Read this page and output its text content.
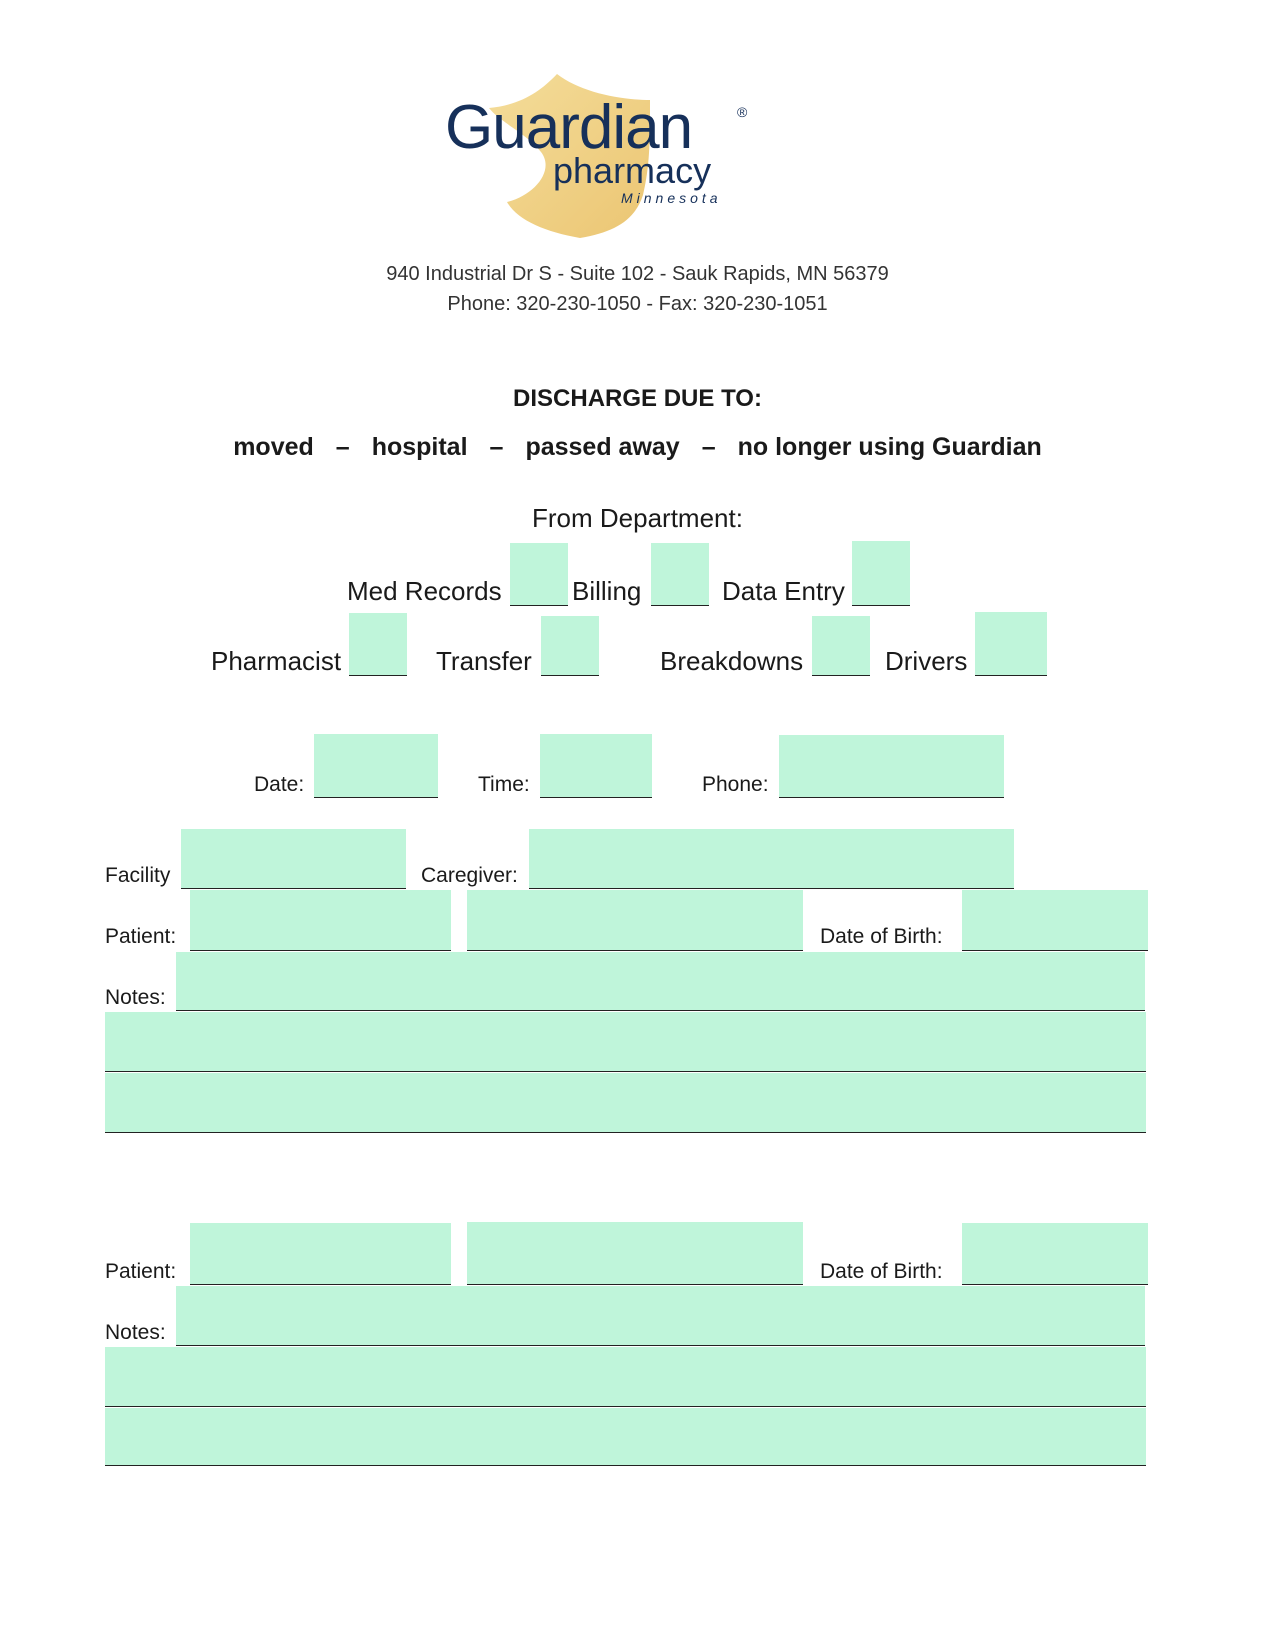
Guardian	®
pharmacy
Minnesota
940 Industrial Dr S - Suite 102 - Sauk Rapids, MN 56379
Phone: 320-230-1050 - Fax: 320-230-1051
DISCHARGE DUE TO:
moved – hospital – passed away – no longer using Guardian
From Department:
Med Records	Billing	Data Entry
Pharmacist	Transfer	Breakdowns	Drivers
Date:	Time:	Phone:
Facility	Caregiver:
Patient:	Date of Birth:
Notes:
Patient:	Date of Birth:
Notes:
